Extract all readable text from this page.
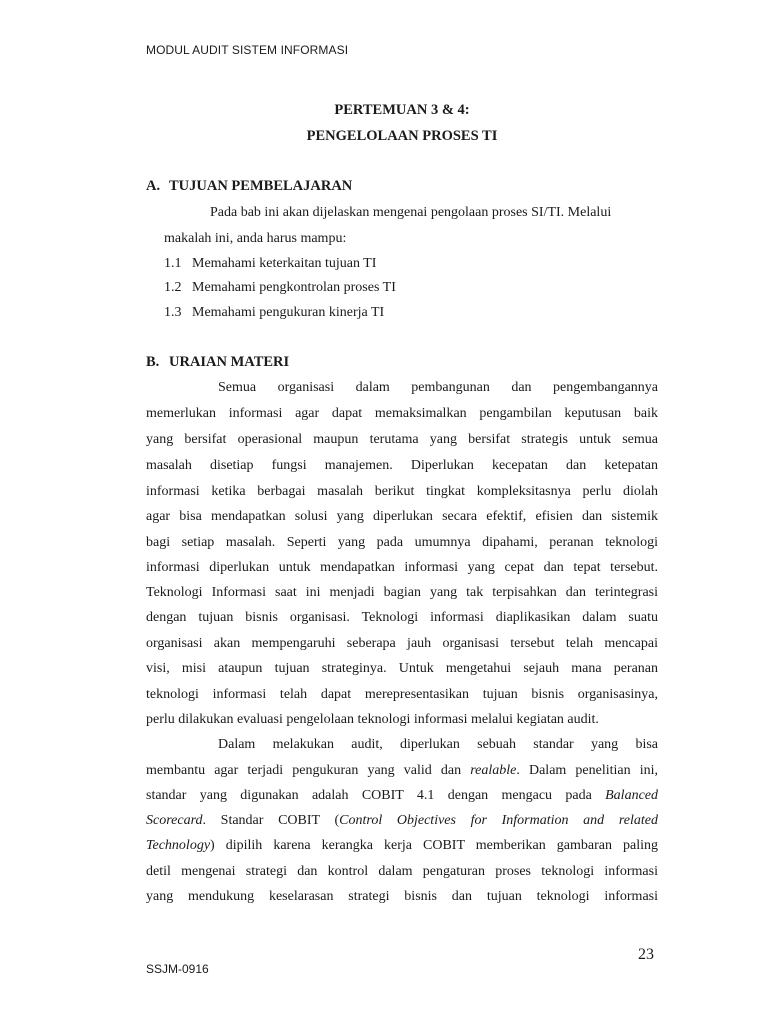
MODUL AUDIT SISTEM INFORMASI
PERTEMUAN 3 & 4:
PENGELOLAAN PROSES TI
A. TUJUAN PEMBELAJARAN
Pada bab ini akan dijelaskan mengenai pengolaan proses SI/TI. Melalui
makalah ini, anda harus mampu:
1.1 Memahami keterkaitan tujuan TI
1.2 Memahami pengkontrolan proses TI
1.3 Memahami pengukuran kinerja TI
B. URAIAN MATERI
Semua organisasi dalam pembangunan dan pengembangannya
memerlukan informasi agar dapat memaksimalkan pengambilan keputusan baik
yang bersifat operasional maupun terutama yang bersifat strategis untuk semua
masalah disetiap fungsi manajemen. Diperlukan kecepatan dan ketepatan
informasi ketika berbagai masalah berikut tingkat kompleksitasnya perlu diolah
agar bisa mendapatkan solusi yang diperlukan secara efektif, efisien dan sistemik
bagi setiap masalah. Seperti yang pada umumnya dipahami, peranan teknologi
informasi diperlukan untuk mendapatkan informasi yang cepat dan tepat tersebut.
Teknologi Informasi saat ini menjadi bagian yang tak terpisahkan dan terintegrasi
dengan tujuan bisnis organisasi. Teknologi informasi diaplikasikan dalam suatu
organisasi akan mempengaruhi seberapa jauh organisasi tersebut telah mencapai
visi, misi ataupun tujuan strateginya. Untuk mengetahui sejauh mana peranan
teknologi informasi telah dapat merepresentasikan tujuan bisnis organisasinya,
perlu dilakukan evaluasi pengelolaan teknologi informasi melalui kegiatan audit.
Dalam melakukan audit, diperlukan sebuah standar yang bisa
membantu agar terjadi pengukuran yang valid dan realable. Dalam penelitian ini,
standar yang digunakan adalah COBIT 4.1 dengan mengacu pada Balanced
Scorecard. Standar COBIT (Control Objectives for Information and related
Technology) dipilih karena kerangka kerja COBIT memberikan gambaran paling
detil mengenai strategi dan kontrol dalam pengaturan proses teknologi informasi
yang mendukung keselarasan strategi bisnis dan tujuan teknologi informasi
23
SSJM-0916
